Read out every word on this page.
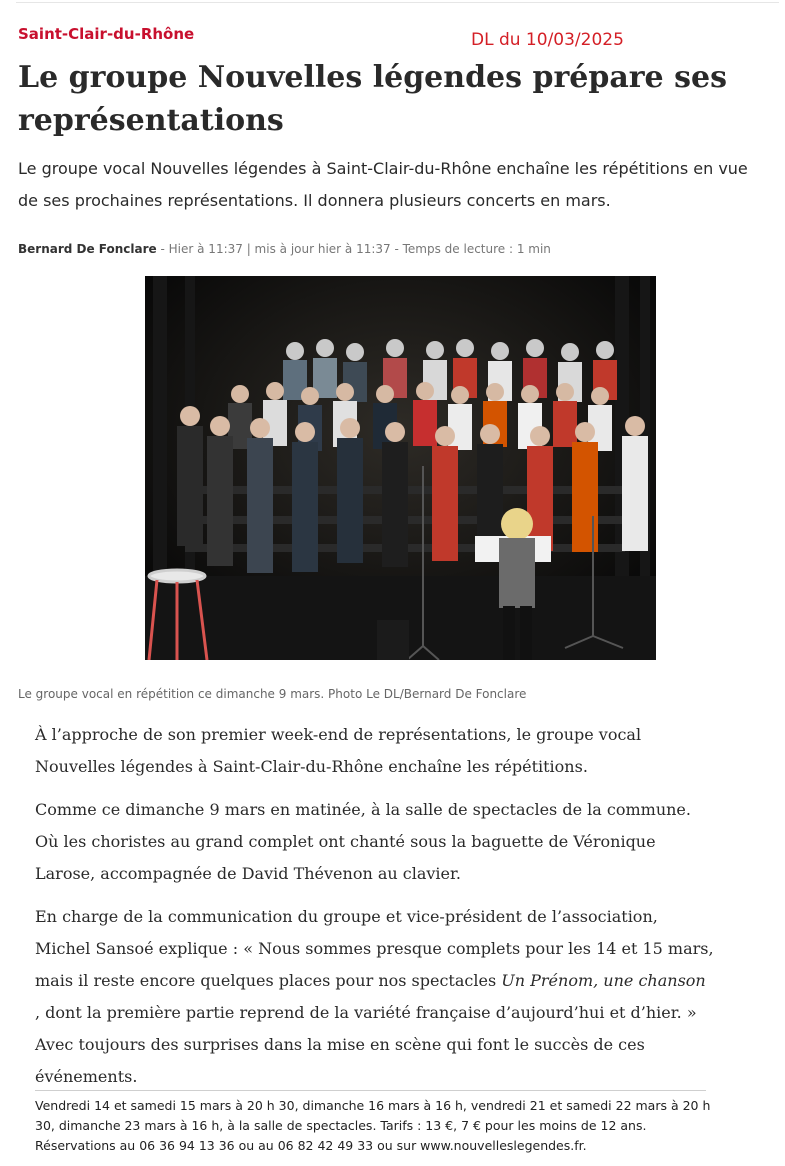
Saint-Clair-du-Rhône	DL du 10/03/2025
Le groupe Nouvelles légendes prépare ses représentations

Le groupe vocal Nouvelles légendes à Saint-Clair-du-Rhône enchaîne les répétitions en vue de ses prochaines représentations. Il donnera plusieurs concerts en mars.

Bernard De Fonclare - Hier à 11:37 | mis à jour hier à 11:37 - Temps de lecture : 1 min
Le groupe vocal en répétition ce dimanche 9 mars. Photo Le DL/Bernard De Fonclare

À l’approche de son premier week-end de représentations, le groupe vocal Nouvelles légendes à Saint-Clair-du-Rhône enchaîne les répétitions.

Comme ce dimanche 9 mars en matinée, à la salle de spectacles de la commune. Où les choristes au grand complet ont chanté sous la baguette de Véronique Larose, accompagnée de David Thévenon au clavier.

En charge de la communication du groupe et vice-président de l’association, Michel Sansoé explique : « Nous sommes presque complets pour les 14 et 15 mars, mais il reste encore quelques places pour nos spectacles Un Prénom, une chanson , dont la première partie reprend de la variété française d’aujourd’hui et d’hier. » Avec toujours des surprises dans la mise en scène qui font le succès de ces événements.

Vendredi 14 et samedi 15 mars à 20 h 30, dimanche 16 mars à 16 h, vendredi 21 et samedi 22 mars à 20 h 30, dimanche 23 mars à 16 h, à la salle de spectacles. Tarifs : 13 €, 7 € pour les moins de 12 ans. Réservations au 06 36 94 13 36 ou au 06 82 42 49 33 ou sur www.nouvelleslegendes.fr.
